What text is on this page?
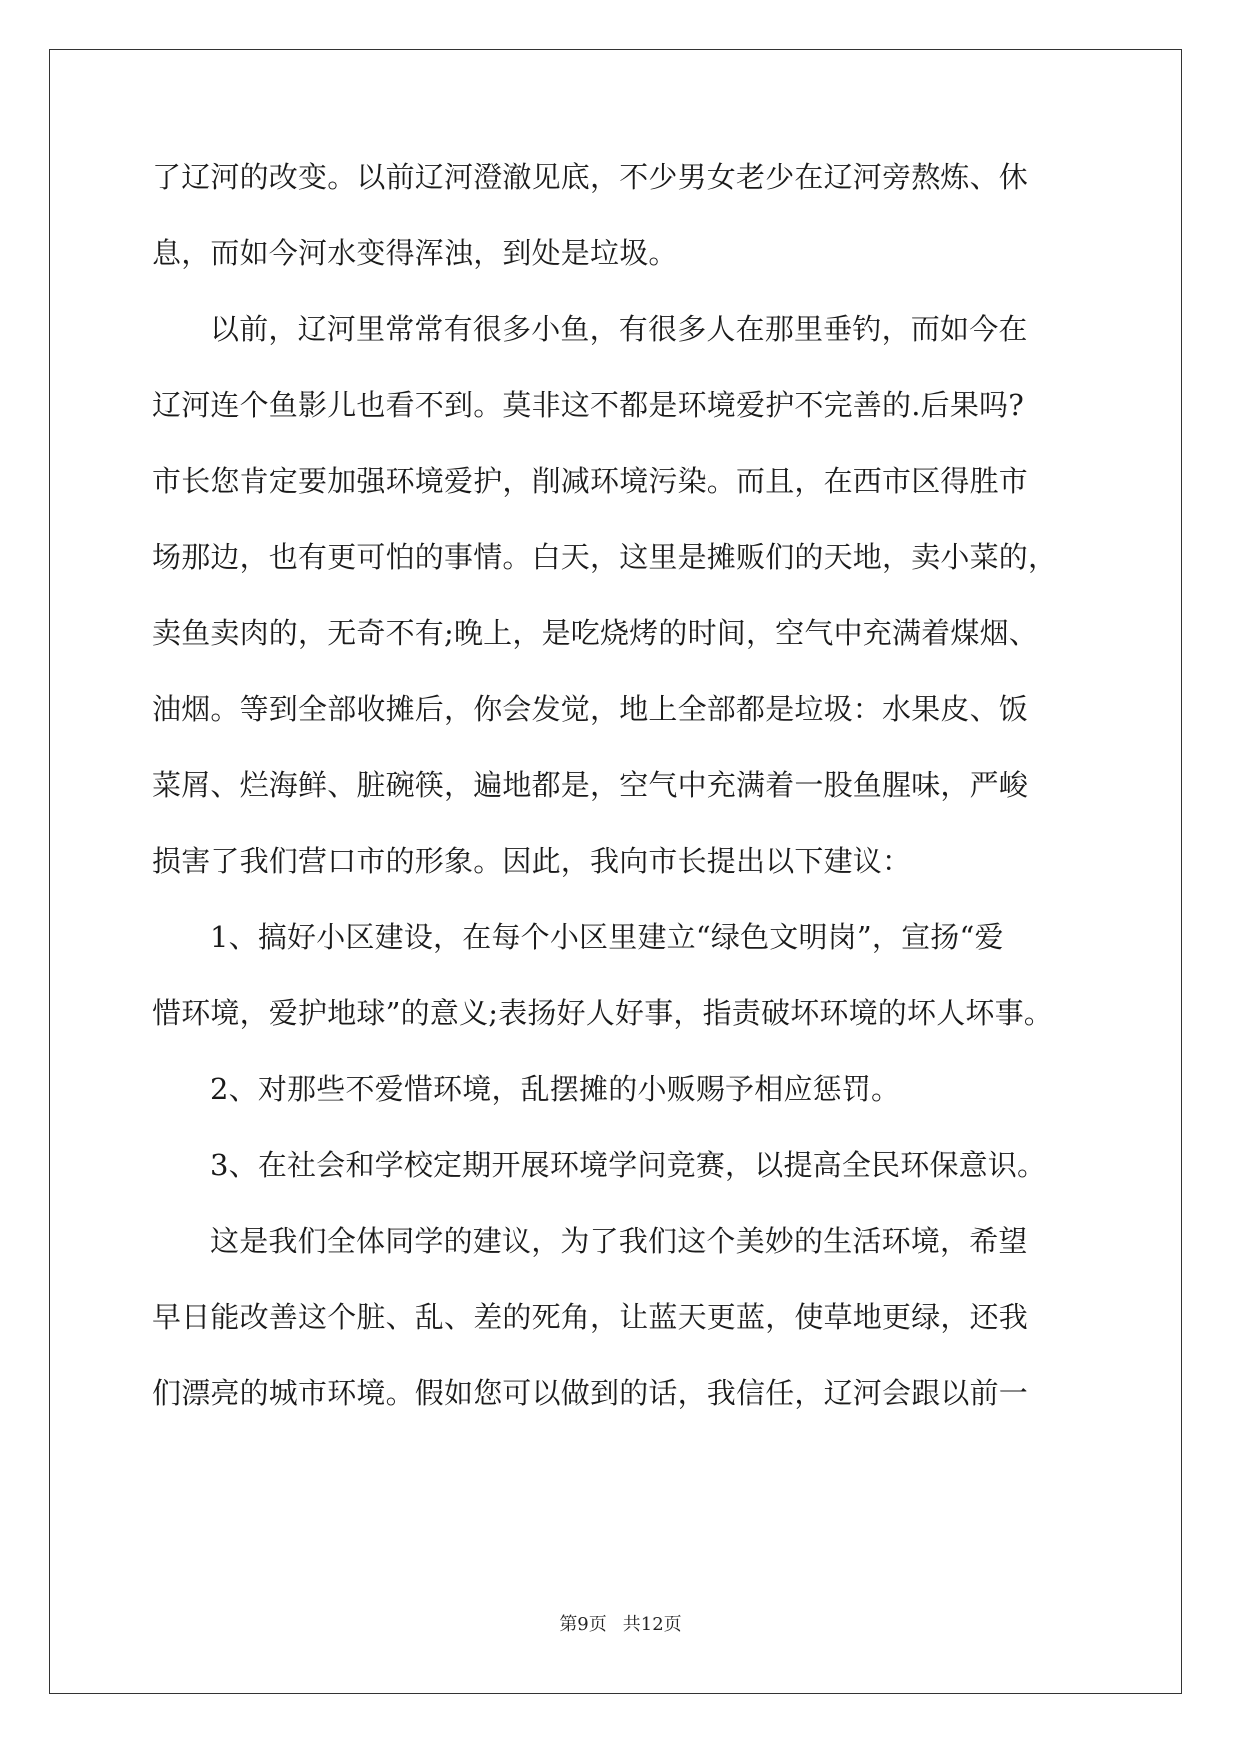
了辽河的改变。以前辽河澄澈见底，不少男女老少在辽河旁熬炼、休
息，而如今河水变得浑浊，到处是垃圾。
以前，辽河里常常有很多小鱼，有很多人在那里垂钓，而如今在
辽河连个鱼影儿也看不到。莫非这不都是环境爱护不完善的.后果吗?
市长您肯定要加强环境爱护，削减环境污染。而且，在西市区得胜市
场那边，也有更可怕的事情。白天，这里是摊贩们的天地，卖小菜的，
卖鱼卖肉的，无奇不有;晚上，是吃烧烤的时间，空气中充满着煤烟、
油烟。等到全部收摊后，你会发觉，地上全部都是垃圾：水果皮、饭
菜屑、烂海鲜、脏碗筷，遍地都是，空气中充满着一股鱼腥味，严峻
损害了我们营口市的形象。因此，我向市长提出以下建议：
1、搞好小区建设，在每个小区里建立“绿色文明岗”，宣扬“爱
惜环境，爱护地球”的意义;表扬好人好事，指责破坏环境的坏人坏事。
2、对那些不爱惜环境，乱摆摊的小贩赐予相应惩罚。
3、在社会和学校定期开展环境学问竞赛，以提高全民环保意识。
这是我们全体同学的建议，为了我们这个美妙的生活环境，希望
早日能改善这个脏、乱、差的死角，让蓝天更蓝，使草地更绿，还我
们漂亮的城市环境。假如您可以做到的话，我信任，辽河会跟以前一
第9页 共12页
